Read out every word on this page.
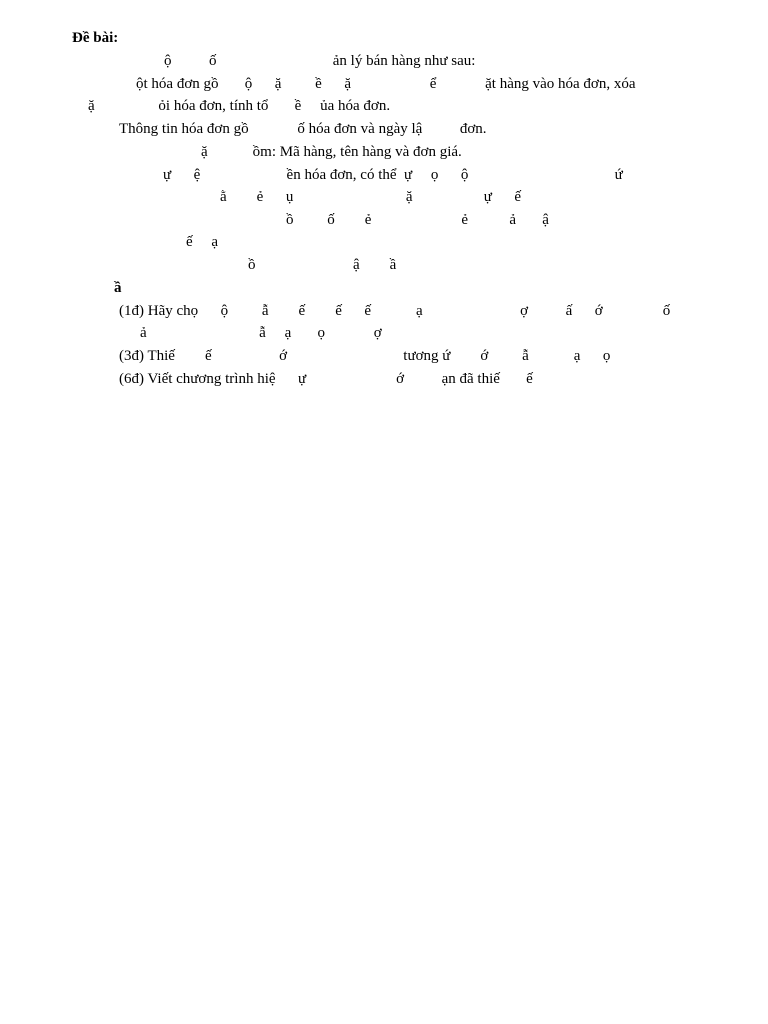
Đề bài:
ộ          ố                               ản lý bán hàng như sau:
ột hóa đơn gồ       ộ      ặ         ề      ặ                     ể             ặt hàng vào hóa đơn, xóa
ặ                 ỏi hóa đơn, tính tổ       ề     ủa hóa đơn.
Thông tin hóa đơn gồ             ố hóa đơn và ngày lậ          đơn.
ặ            ồm: Mã hàng, tên hàng và đơn giá.
ự      ệ                       ền hóa đơn, có thể  ự     ọ      ộ                                       ứ
ằ        ẻ      ụ                              ặ                   ự      ế
ồ         ố        ẻ                        ẻ           ả       ậ
ế     ạ
ồ                          ậ        ầ
ầ
(1đ) Hãy chọ      ộ         ẫ        ế        ế      ế            ạ                          ợ          ấ      ớ                ố
ả                              ẫ     ạ       ọ             ợ
(3đ) Thiế        ế                  ớ                               tương ứ        ớ         ẫ            ạ      ọ
(6đ) Viết chương trình hiệ      ự                        ớ          ạn đã thiế       ế
